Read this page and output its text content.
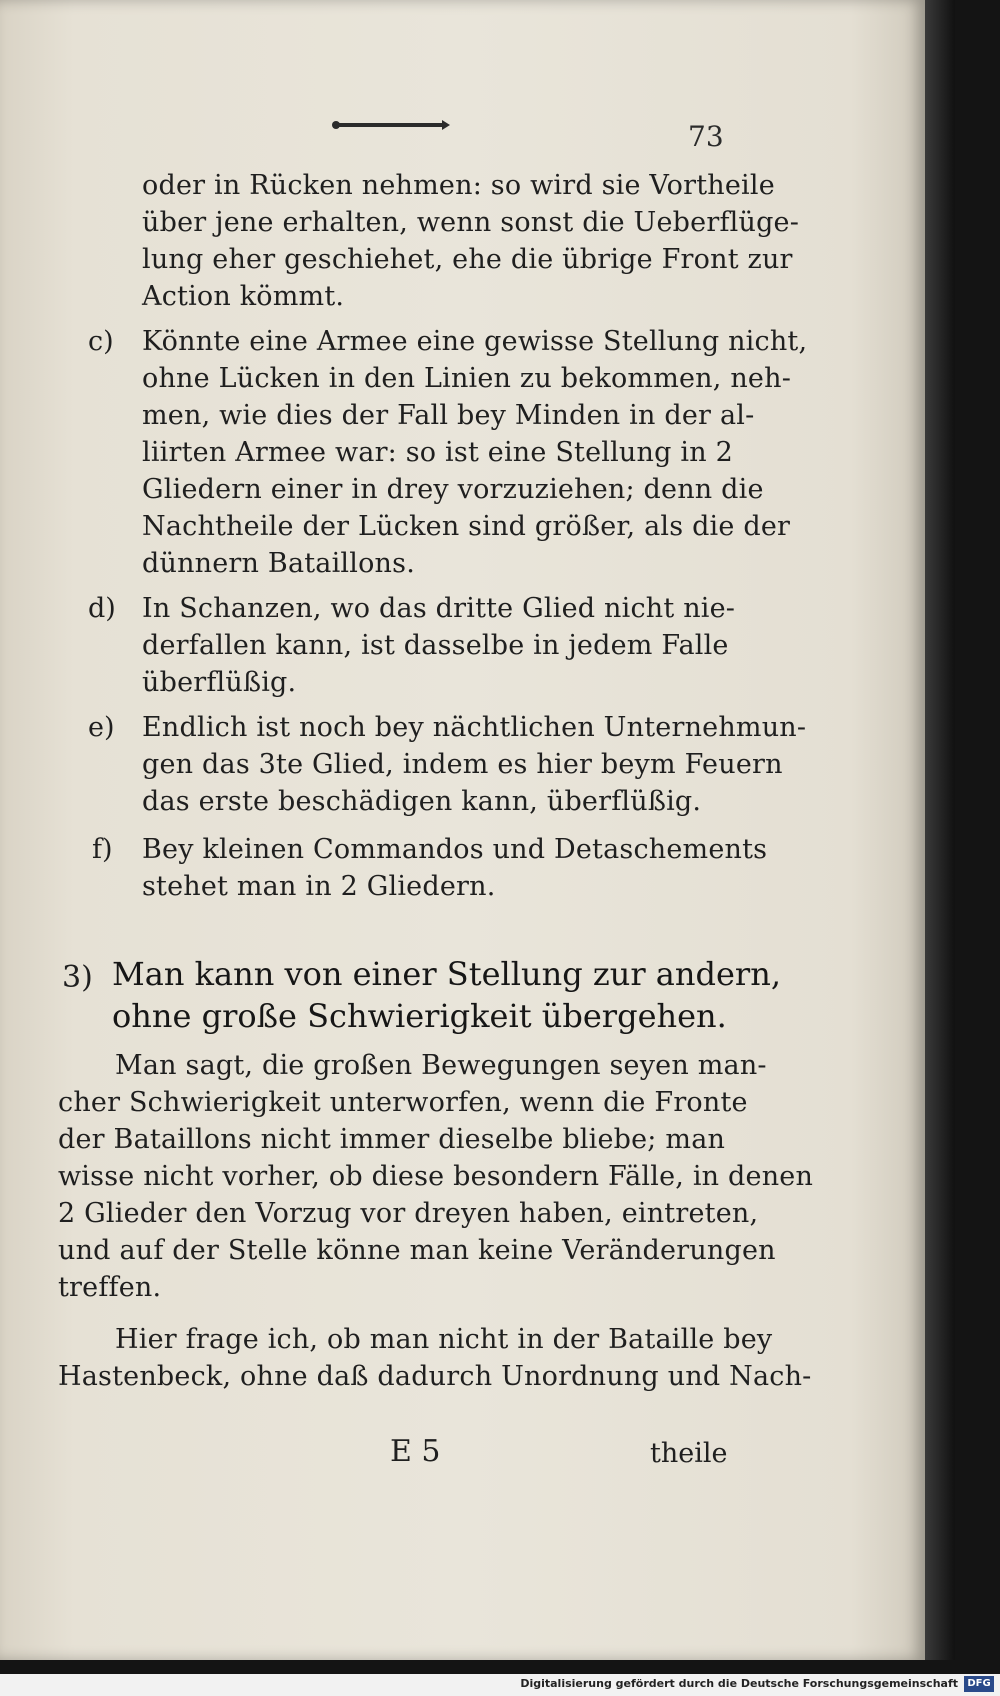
73
oder in Rücken nehmen: so wird sie Vortheile
über jene erhalten, wenn sonst die Ueberflüge-
lung eher geschiehet, ehe die übrige Front zur
Action kömmt.
c) Könnte eine Armee eine gewisse Stellung nicht,
ohne Lücken in den Linien zu bekommen, neh-
men, wie dies der Fall bey Minden in der al-
liirten Armee war: so ist eine Stellung in 2
Gliedern einer in drey vorzuziehen; denn die
Nachtheile der Lücken sind größer, als die der
dünnern Bataillons.
d) In Schanzen, wo das dritte Glied nicht nie-
derfallen kann, ist dasselbe in jedem Falle
überflüßig.
e) Endlich ist noch bey nächtlichen Unternehmun-
gen das 3te Glied, indem es hier beym Feuern
das erste beschädigen kann, überflüßig.
f) Bey kleinen Commandos und Detaschements
stehet man in 2 Gliedern.
3) Man kann von einer Stellung zur andern,
ohne große Schwierigkeit übergehen.
Man sagt, die großen Bewegungen seyen man-
cher Schwierigkeit unterworfen, wenn die Fronte
der Bataillons nicht immer dieselbe bliebe; man
wisse nicht vorher, ob diese besondern Fälle, in denen
2 Glieder den Vorzug vor dreyen haben, eintreten,
und auf der Stelle könne man keine Veränderungen
treffen.
Hier frage ich, ob man nicht in der Bataille bey
Hastenbeck, ohne daß dadurch Unordnung und Nach-
E 5	theile
Digitalisierung gefördert durch die Deutsche Forschungsgemeinschaft DFG
